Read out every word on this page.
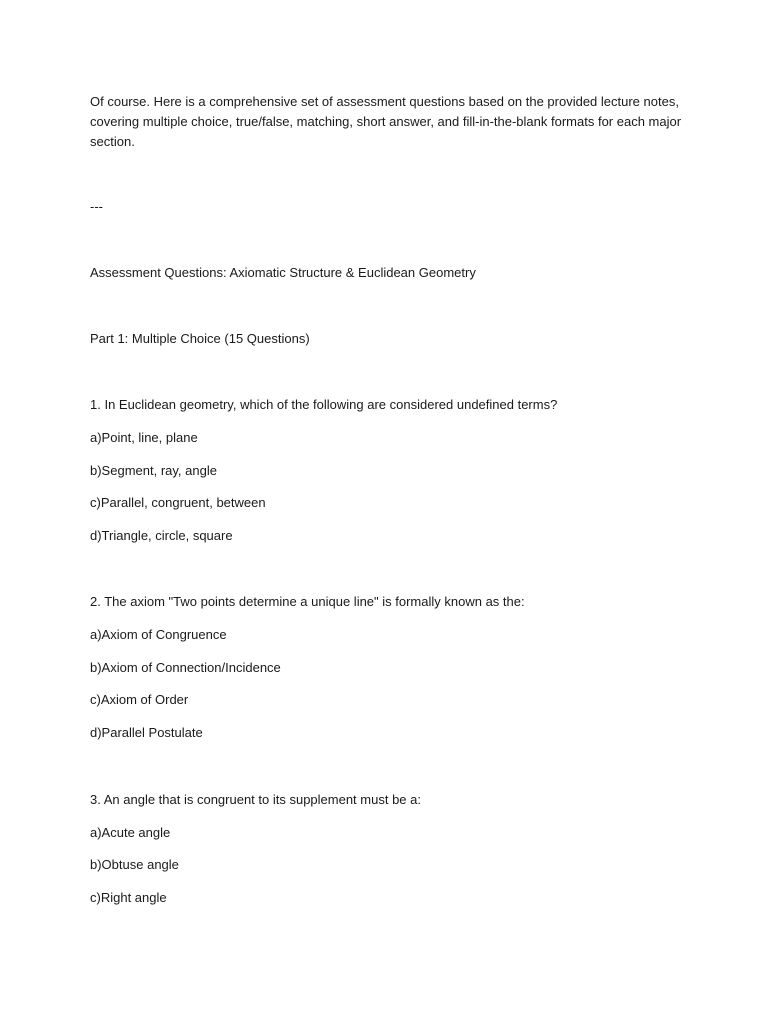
Of course. Here is a comprehensive set of assessment questions based on the provided lecture notes,
covering multiple choice, true/false, matching, short answer, and fill-in-the-blank formats for each major
section.

---

Assessment Questions: Axiomatic Structure & Euclidean Geometry

Part 1: Multiple Choice (15 Questions)

1. In Euclidean geometry, which of the following are considered undefined terms?

a)Point, line, plane

b)Segment, ray, angle

c)Parallel, congruent, between

d)Triangle, circle, square

2. The axiom "Two points determine a unique line" is formally known as the:

a)Axiom of Congruence

b)Axiom of Connection/Incidence

c)Axiom of Order

d)Parallel Postulate

3. An angle that is congruent to its supplement must be a:

a)Acute angle

b)Obtuse angle

c)Right angle
